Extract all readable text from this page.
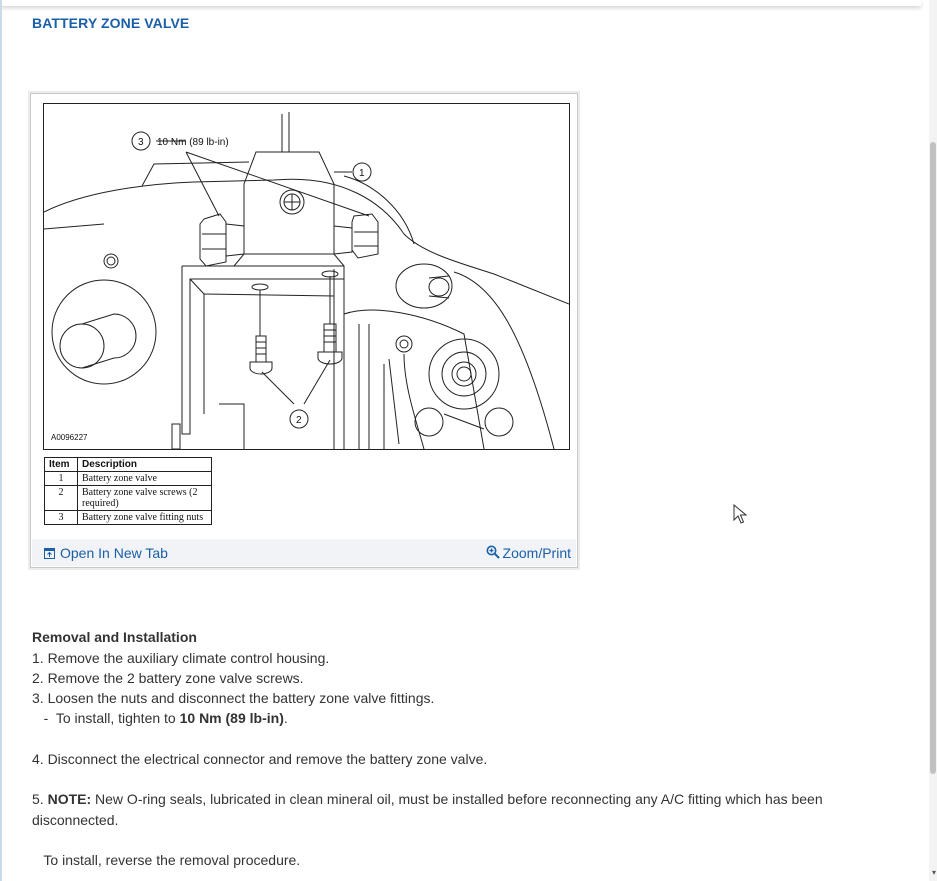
▾
BATTERY ZONE VALVE
3 10 Nm (89 lb-in)
1
2
A0096227
Item	Description
1	Battery zone valve
2	Battery zone valve screws (2 required)
3	Battery zone valve fitting nuts
Open In New Tab	Zoom/Print
Removal and Installation
1. Remove the auxiliary climate control housing.
2. Remove the 2 battery zone valve screws.
3. Loosen the nuts and disconnect the battery zone valve fittings.
-  To install, tighten to 10 Nm (89 lb-in).
4. Disconnect the electrical connector and remove the battery zone valve.
5. NOTE: New O-ring seals, lubricated in clean mineral oil, must be installed before reconnecting any A/C fitting which has been disconnected.
To install, reverse the removal procedure.
